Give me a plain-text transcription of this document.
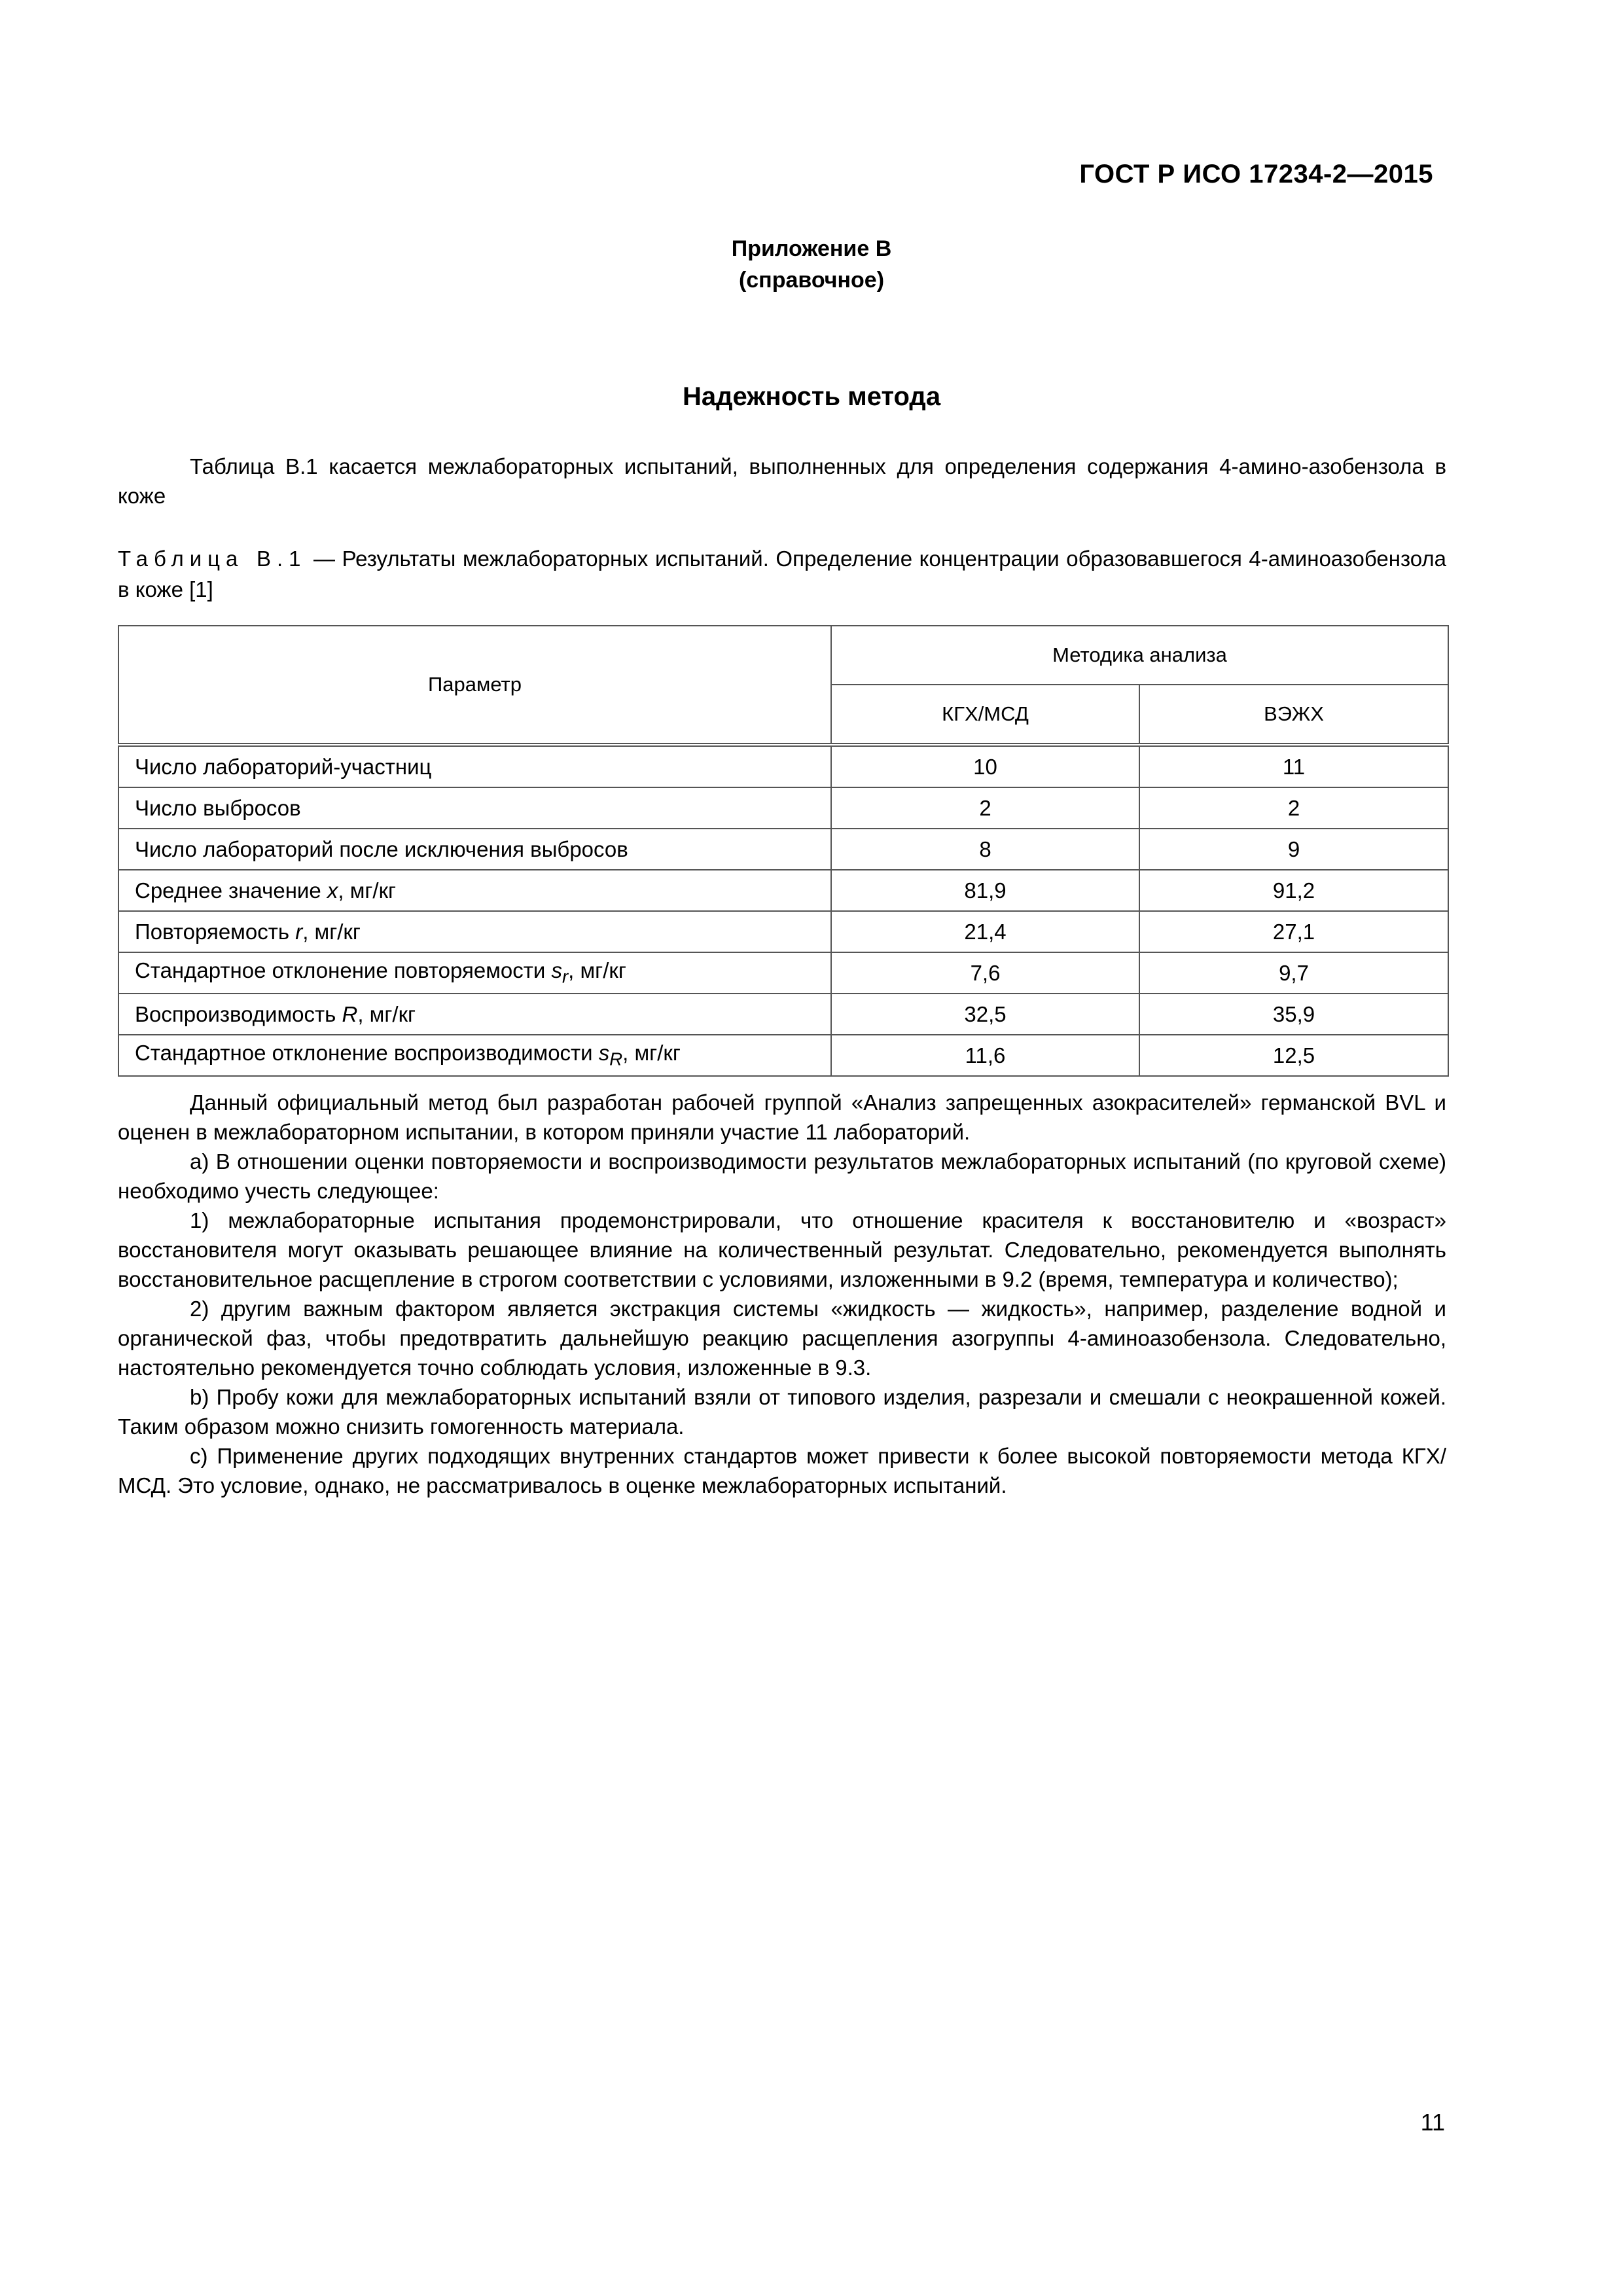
ГОСТ Р ИСО 17234-2—2015
Приложение В
(справочное)
Надежность метода

Таблица В.1 касается межлабораторных испытаний, выполненных для определения содержания 4-амино-азобензола в коже

Таблица В.1 — Результаты межлабораторных испытаний. Определение концентрации образовавшегося 4-аминоазобензола в коже [1]
Параметр	Методика анализа	
	КГХ/МСД	ВЭЖХ
Число лабораторий-участниц	10	11
Число выбросов	2	2
Число лабораторий после исключения выбросов	8	9
Среднее значение x, мг/кг	81,9	91,2
Повторяемость r, мг/кг	21,4	27,1
Стандартное отклонение повторяемости $s_r$, мг/кг	7,6	9,7
Воспроизводимость R, мг/кг	32,5	35,9
Стандартное отклонение воспроизводимости $s_R$, мг/кг	11,6	12,5

Данный официальный метод был разработан рабочей группой «Анализ запрещенных азокрасителей» германской BVL и оценен в межлабораторном испытании, в котором приняли участие 11 лабораторий.

a) В отношении оценки повторяемости и воспроизводимости результатов межлабораторных испытаний (по круговой схеме) необходимо учесть следующее:

1) межлабораторные испытания продемонстрировали, что отношение красителя к восстановителю и «возраст» восстановителя могут оказывать решающее влияние на количественный результат. Следовательно, рекомендуется выполнять восстановительное расщепление в строгом соответствии с условиями, изложенными в 9.2 (время, температура и количество);

2) другим важным фактором является экстракция системы «жидкость — жидкость», например, разделение водной и органической фаз, чтобы предотвратить дальнейшую реакцию расщепления азогруппы 4-аминоазобензола. Следовательно, настоятельно рекомендуется точно соблюдать условия, изложенные в 9.3.

b) Пробу кожи для межлабораторных испытаний взяли от типового изделия, разрезали и смешали с неокрашенной кожей. Таким образом можно снизить гомогенность материала.

c) Применение других подходящих внутренних стандартов может привести к более высокой повторяемости метода КГХ/МСД. Это условие, однако, не рассматривалось в оценке межлабораторных испытаний.

11
